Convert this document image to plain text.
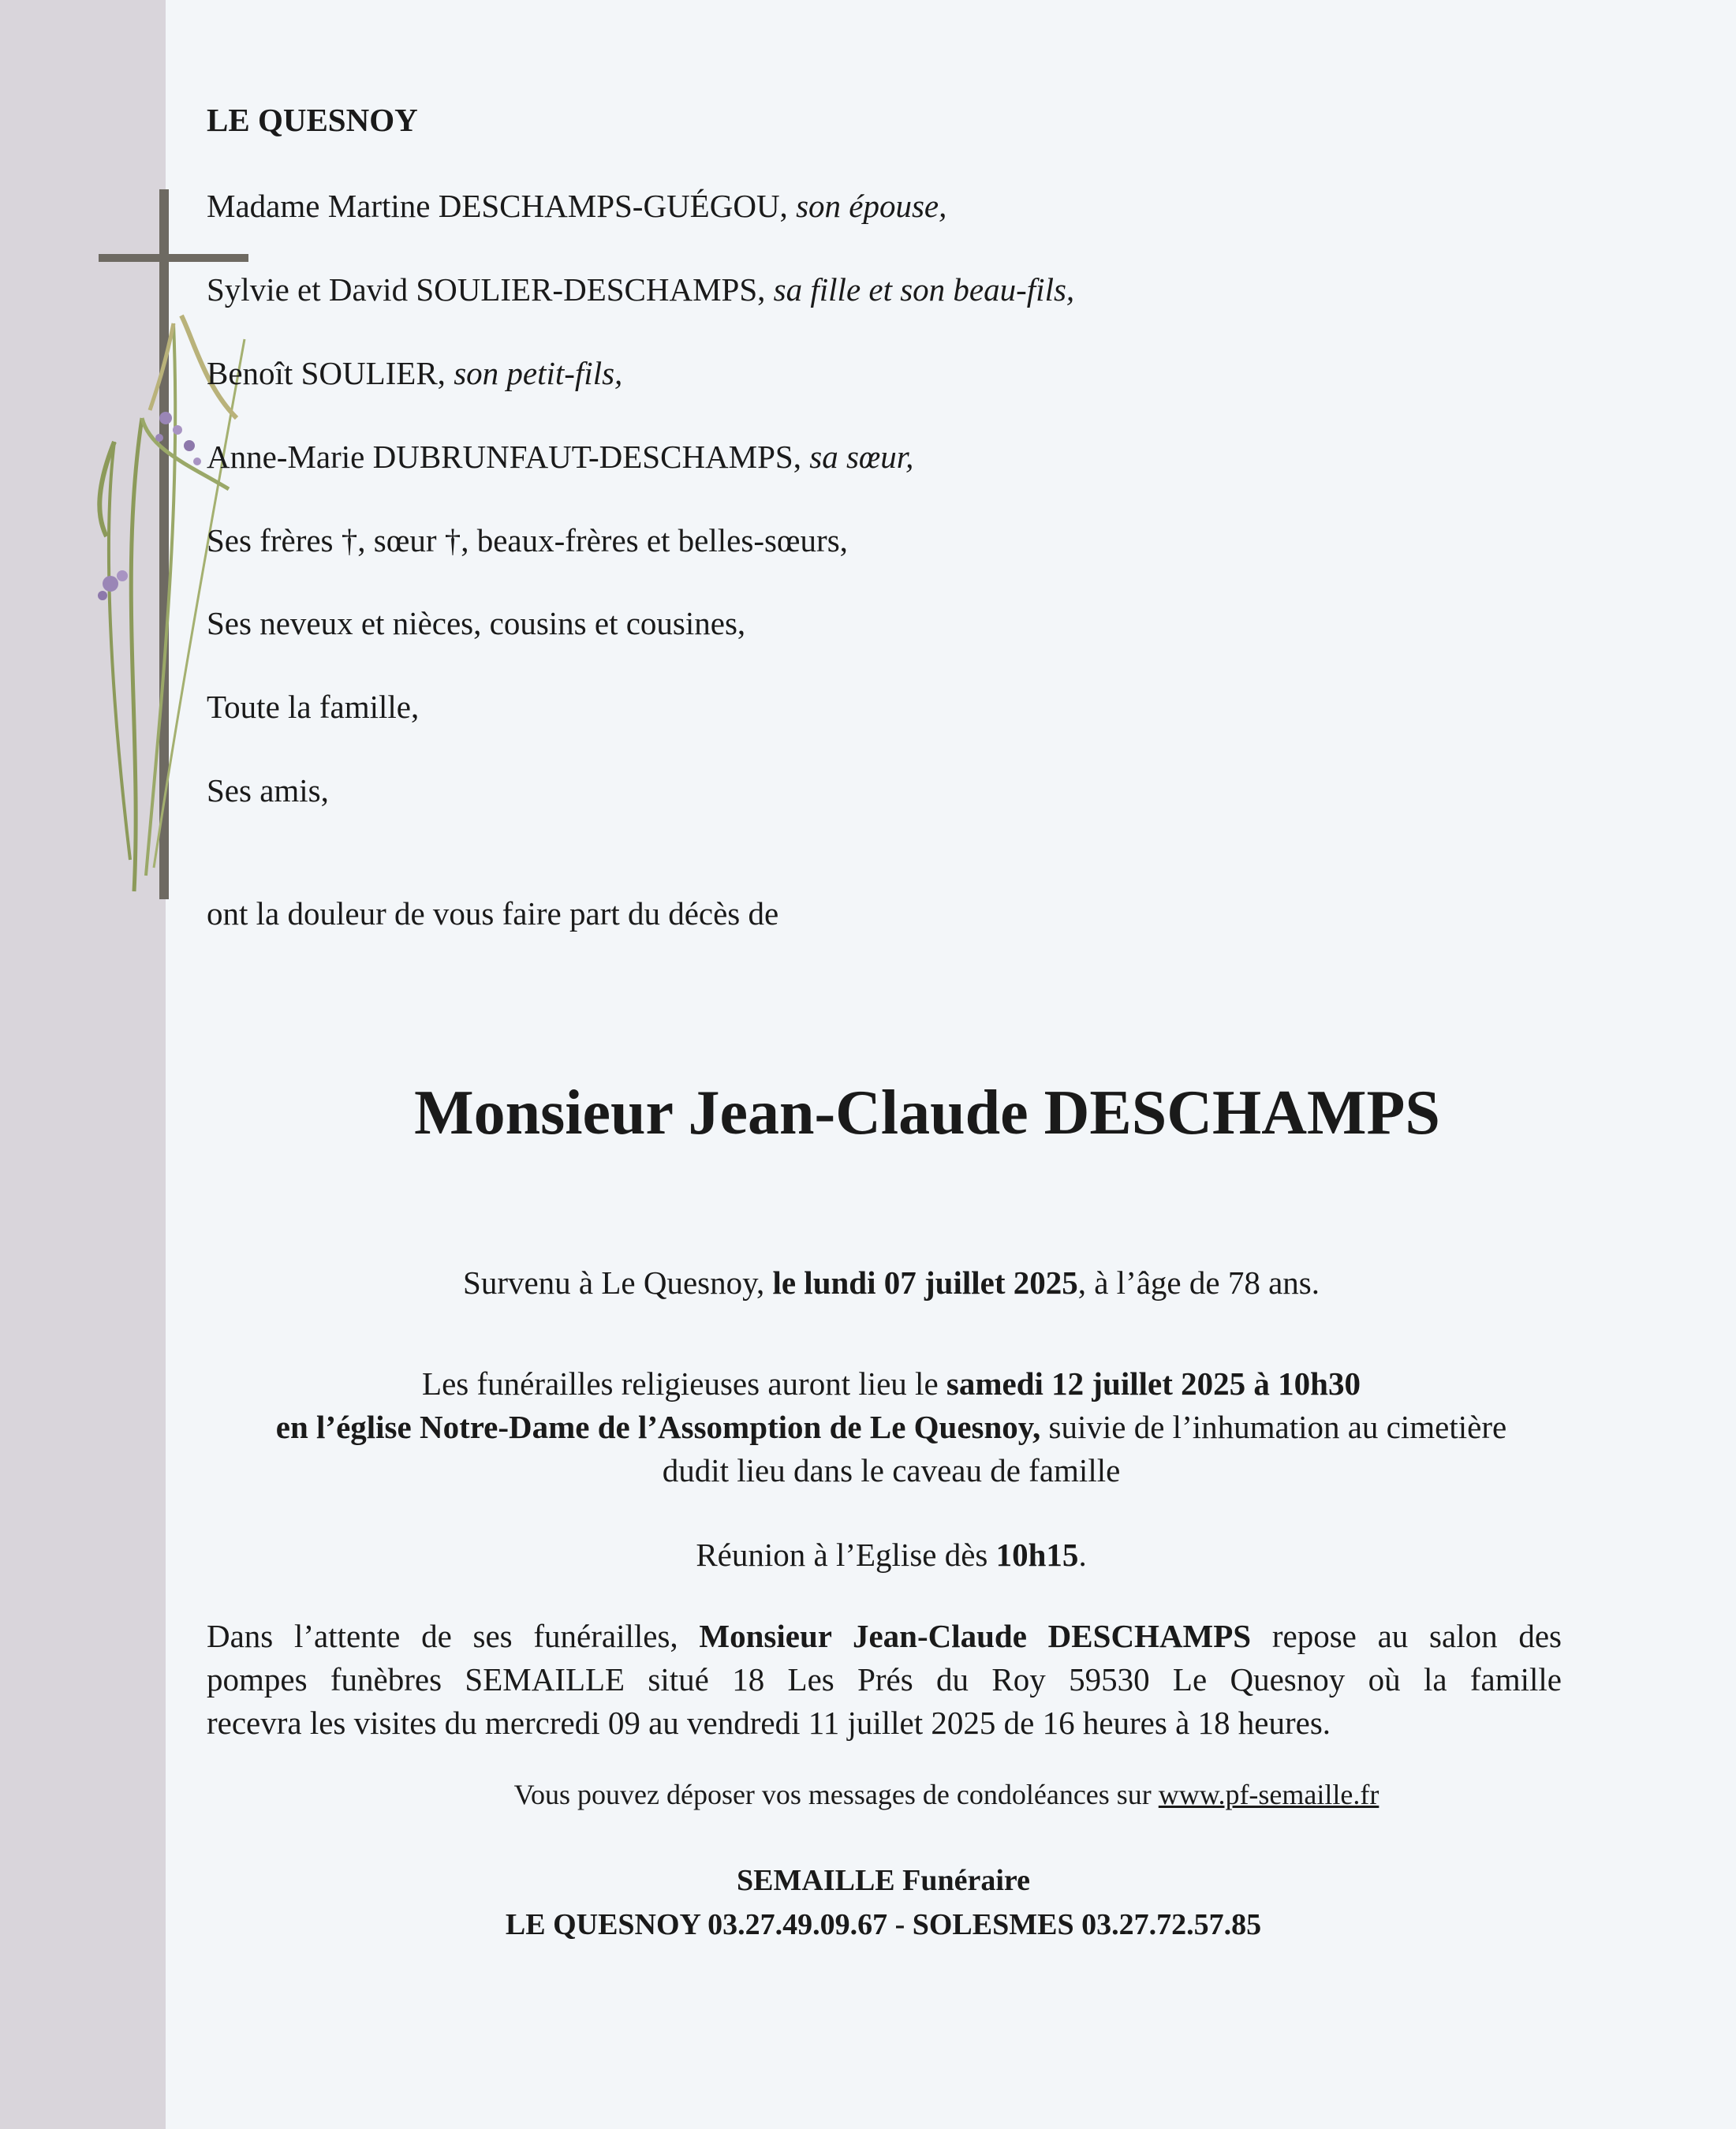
LE QUESNOY
Madame Martine DESCHAMPS-GUÉGOU, son épouse,
Sylvie et David SOULIER-DESCHAMPS, sa fille et son beau-fils,
Benoît SOULIER, son petit-fils,
Anne-Marie DUBRUNFAUT-DESCHAMPS, sa sœur,
Ses frères †, sœur †, beaux-frères et belles-sœurs,
Ses neveux et nièces, cousins et cousines,
Toute la famille,
Ses amis,
ont la douleur de vous faire part du décès de
Monsieur Jean-Claude DESCHAMPS
Survenu à Le Quesnoy, le lundi 07 juillet 2025, à l’âge de 78 ans.
Les funérailles religieuses auront lieu le samedi 12 juillet 2025 à 10h30
en l’église Notre-Dame de l’Assomption de Le Quesnoy, suivie de l’inhumation au cimetière
dudit lieu dans le caveau de famille
Réunion à l’Eglise dès 10h15.
Dans l’attente de ses funérailles, Monsieur Jean-Claude DESCHAMPS repose au salon des
pompes funèbres SEMAILLE situé 18 Les Prés du Roy 59530 Le Quesnoy où la famille
recevra les visites du mercredi 09 au vendredi 11 juillet 2025 de 16 heures à 18 heures.
Vous pouvez déposer vos messages de condoléances sur www.pf-semaille.fr
SEMAILLE Funéraire
LE QUESNOY 03.27.49.09.67 - SOLESMES 03.27.72.57.85
